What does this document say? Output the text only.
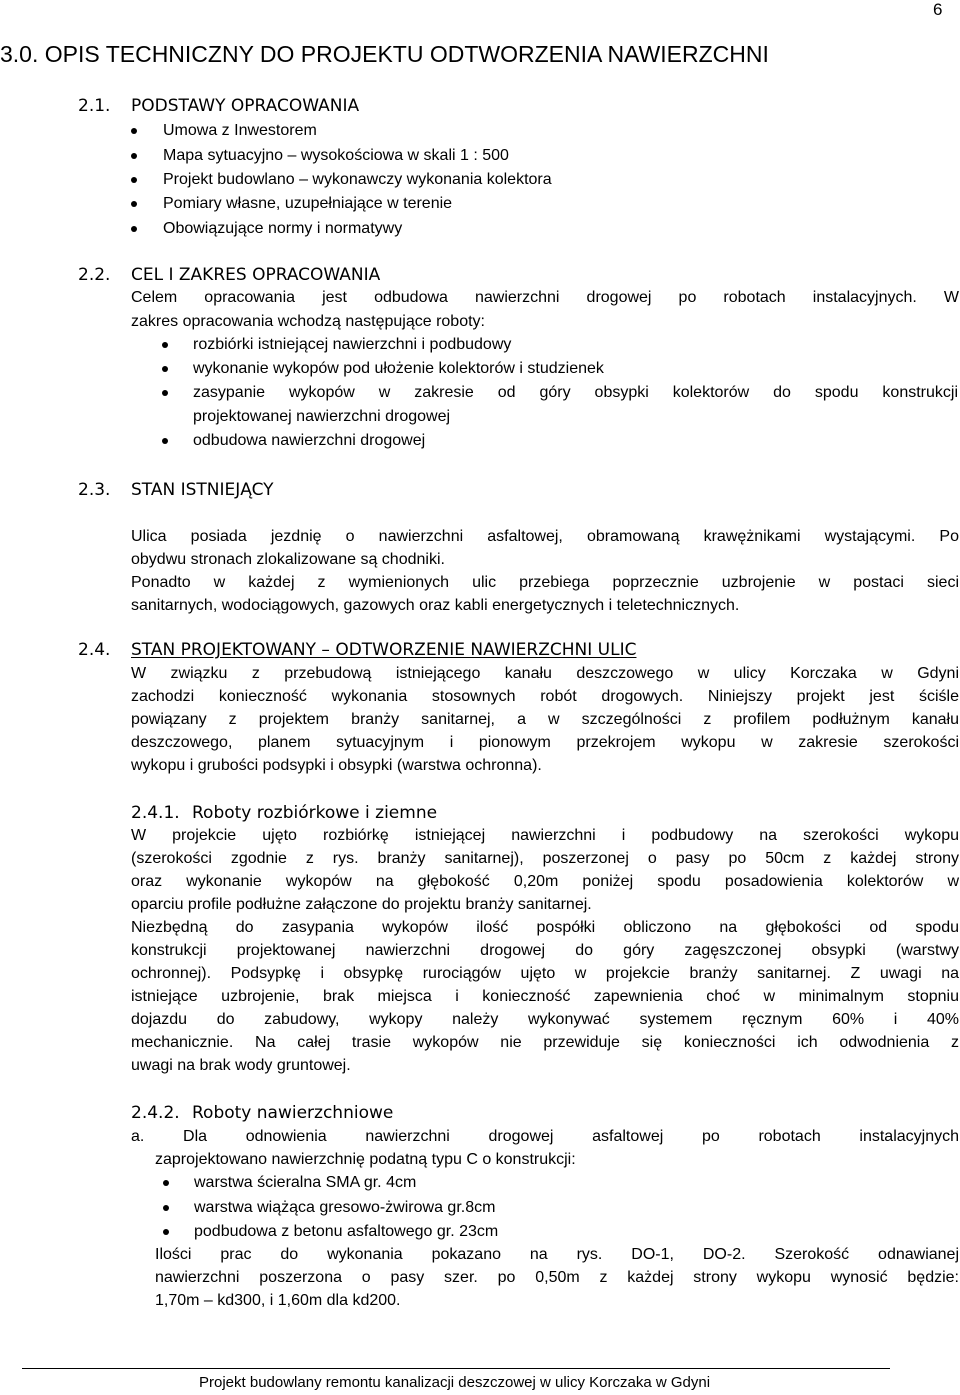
6
3.0. OPIS TECHNICZNY DO PROJEKTU ODTWORZENIA NAWIERZCHNI
2.1. PODSTAWY OPRACOWANIA
Umowa z Inwestorem
Mapa sytuacyjno – wysokościowa w skali 1 : 500
Projekt budowlano – wykonawczy wykonania kolektora
Pomiary własne, uzupełniające w terenie
Obowiązujące normy i normatywy
2.2. CEL I ZAKRES OPRACOWANIA
Celem opracowania jest odbudowa nawierzchni drogowej po robotach instalacyjnych. W
zakres opracowania wchodzą następujące roboty:
rozbiórki istniejącej nawierzchni i podbudowy
wykonanie wykopów pod ułożenie kolektorów i studzienek
zasypanie wykopów w zakresie od góry obsypki kolektorów do spodu konstrukcji
projektowanej nawierzchni drogowej
odbudowa nawierzchni drogowej
2.3. STAN ISTNIEJĄCY
Ulica posiada jezdnię o nawierzchni asfaltowej, obramowaną krawężnikami wystającymi. Po
obydwu stronach zlokalizowane są chodniki.
Ponadto w każdej z wymienionych ulic przebiega poprzecznie uzbrojenie w postaci sieci
sanitarnych, wodociągowych, gazowych oraz kabli energetycznych i teletechnicznych.
2.4. STAN PROJEKTOWANY – ODTWORZENIE NAWIERZCHNI ULIC
W związku z przebudową istniejącego kanału deszczowego w ulicy Korczaka w Gdyni
zachodzi konieczność wykonania stosownych robót drogowych. Niniejszy projekt jest ściśle
powiązany z projektem branży sanitarnej, a w szczególności z profilem podłużnym kanału
deszczowego, planem sytuacyjnym i pionowym przekrojem wykopu w zakresie szerokości
wykopu i grubości podsypki i obsypki (warstwa ochronna).
2.4.1. Roboty rozbiórkowe i ziemne
W projekcie ujęto rozbiórkę istniejącej nawierzchni i podbudowy na szerokości wykopu
(szerokości zgodnie z rys. branży sanitarnej), poszerzonej o pasy po 50cm z każdej strony
oraz wykonanie wykopów na głębokość 0,20m poniżej spodu posadowienia kolektorów w
oparciu profile podłużne załączone do projektu branży sanitarnej.
Niezbędną do zasypania wykopów ilość pospółki obliczono na głębokości od spodu
konstrukcji projektowanej nawierzchni drogowej do góry zagęszczonej obsypki (warstwy
ochronnej). Podsypkę i obsypkę rurociągów ujęto w projekcie branży sanitarnej. Z uwagi na
istniejące uzbrojenie, brak miejsca i konieczność zapewnienia choć w minimalnym stopniu
dojazdu do zabudowy, wykopy należy wykonywać systemem ręcznym 60% i 40%
mechanicznie. Na całej trasie wykopów nie przewiduje się konieczności ich odwodnienia z
uwagi na brak wody gruntowej.
2.4.2. Roboty nawierzchniowe
a. Dla odnowienia nawierzchni drogowej asfaltowej po robotach instalacyjnych
zaprojektowano nawierzchnię podatną typu C o konstrukcji:
warstwa ścieralna SMA gr. 4cm
warstwa wiążąca gresowo-żwirowa gr.8cm
podbudowa z betonu asfaltowego gr. 23cm
Ilości prac do wykonania pokazano na rys. DO-1, DO-2. Szerokość odnawianej
nawierzchni poszerzona o pasy szer. po 0,50m z każdej strony wykopu wynosić będzie:
1,70m – kd300, i 1,60m dla kd200.
Projekt budowlany remontu kanalizacji deszczowej w ulicy Korczaka w Gdyni
